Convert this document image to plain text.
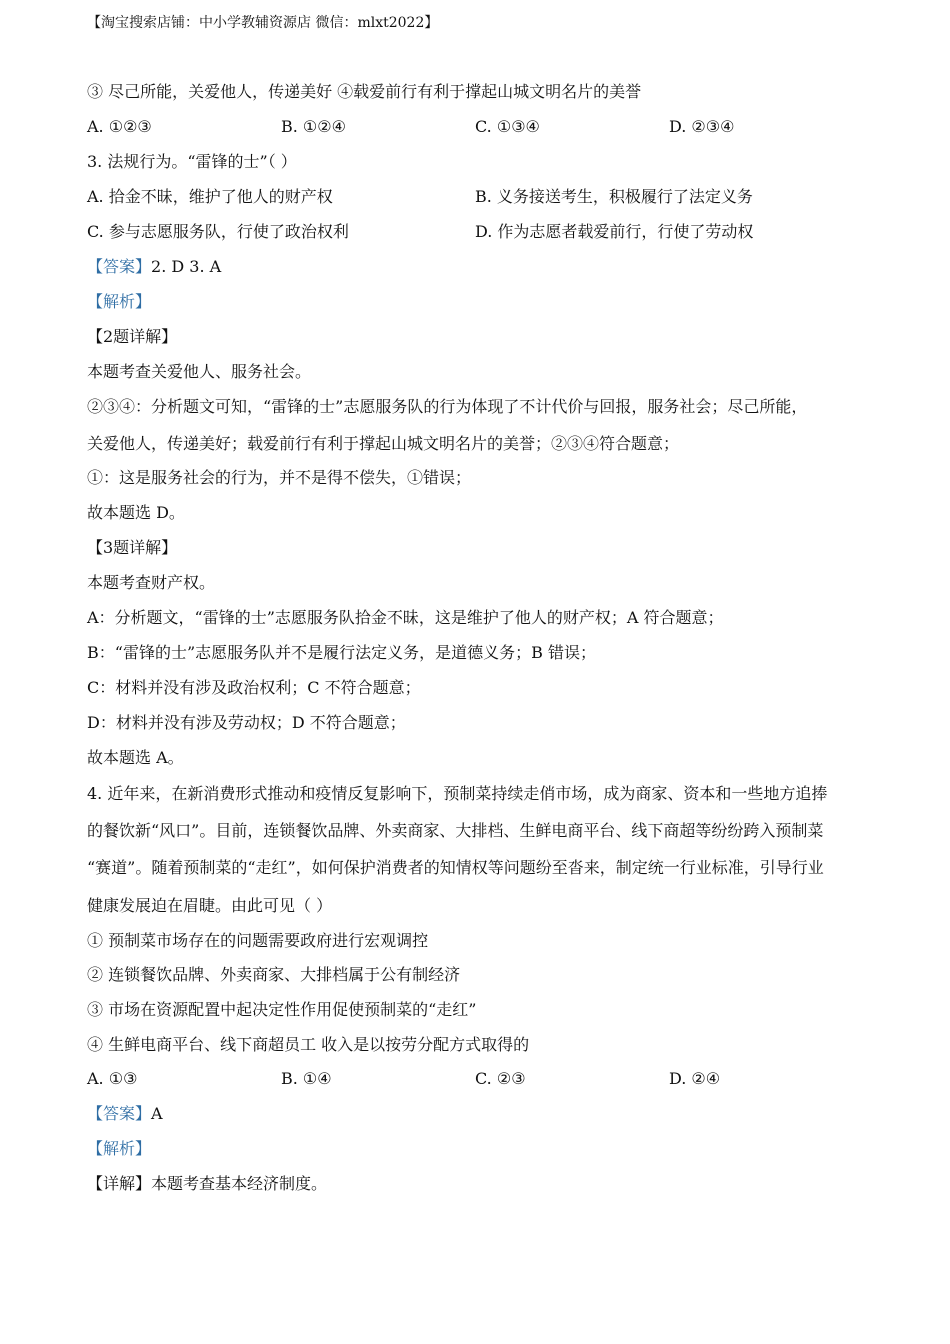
【淘宝搜索店铺：中小学教辅资源店 微信：mlxt2022】
③ 尽己所能，关爱他人，传递美好 ④载爱前行有利于撑起山城文明名片的美誉
A. ①②③	B. ①②④	C. ①③④	D. ②③④
3. 法规行为。“雷锋的士”（ ）
A. 拾金不昧，维护了他人的财产权	B. 义务接送考生，积极履行了法定义务
C. 参与志愿服务队，行使了政治权利	D. 作为志愿者载爱前行，行使了劳动权
【答案】2. D 3. A
【解析】
【2题详解】
本题考查关爱他人、服务社会。
②③④：分析题文可知，“雷锋的士”志愿服务队的行为体现了不计代价与回报，服务社会；尽己所能，
关爱他人，传递美好；载爱前行有利于撑起山城文明名片的美誉；②③④符合题意；
①：这是服务社会的行为，并不是得不偿失，①错误；
故本题选 D。
【3题详解】
本题考查财产权。
A：分析题文，“雷锋的士”志愿服务队拾金不昧，这是维护了他人的财产权；A 符合题意；
B：“雷锋的士”志愿服务队并不是履行法定义务，是道德义务；B 错误；
C：材料并没有涉及政治权利；C 不符合题意；
D：材料并没有涉及劳动权；D 不符合题意；
故本题选 A。
4. 近年来，在新消费形式推动和疫情反复影响下，预制菜持续走俏市场，成为商家、资本和一些地方追捧
的餐饮新“风口”。目前，连锁餐饮品牌、外卖商家、大排档、生鲜电商平台、线下商超等纷纷跨入预制菜
“赛道”。随着预制菜的“走红”，如何保护消费者的知情权等问题纷至沓来，制定统一行业标准，引导行业
健康发展迫在眉睫。由此可见（ ）
① 预制菜市场存在的问题需要政府进行宏观调控
② 连锁餐饮品牌、外卖商家、大排档属于公有制经济
③ 市场在资源配置中起决定性作用促使预制菜的“走红”
④ 生鲜电商平台、线下商超员工 收入是以按劳分配方式取得的
A. ①③	B. ①④	C. ②③	D. ②④
【答案】A
【解析】
【详解】本题考查基本经济制度。
